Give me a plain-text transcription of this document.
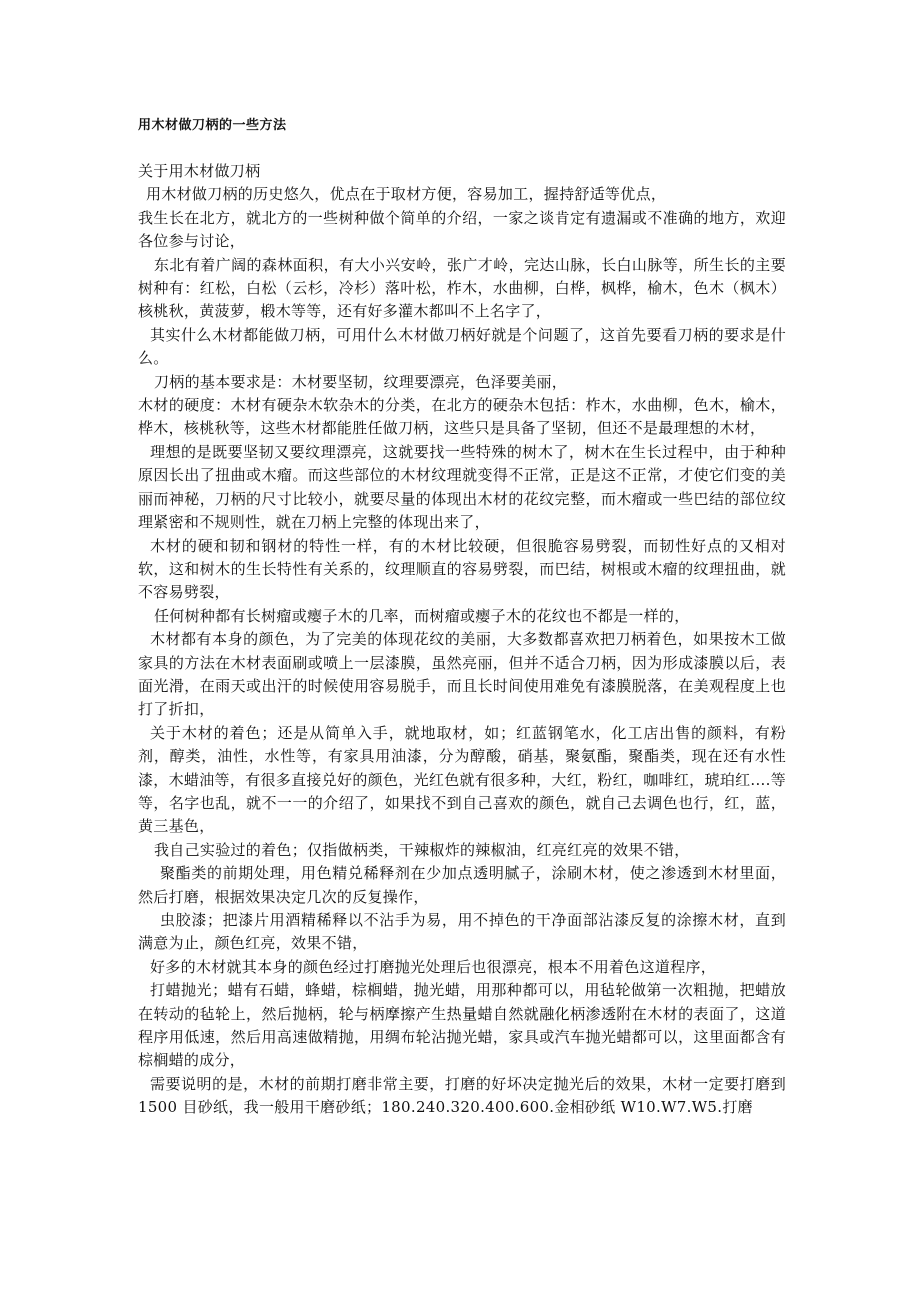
用木材做刀柄的一些方法

关于用木材做刀柄

用木材做刀柄的历史悠久，优点在于取材方便，容易加工，握持舒适等优点，

我生长在北方，就北方的一些树种做个简单的介绍，一家之谈肯定有遗漏或不准确的地方，欢迎各位参与讨论，

东北有着广阔的森林面积，有大小兴安岭，张广才岭，完达山脉，长白山脉等，所生长的主要树种有：红松，白松（云杉，冷杉）落叶松，柞木，水曲柳，白桦，枫桦，榆木，色木（枫木）核桃秋，黄菠萝，椴木等等，还有好多灌木都叫不上名字了，

其实什么木材都能做刀柄，可用什么木材做刀柄好就是个问题了，这首先要看刀柄的要求是什么。

刀柄的基本要求是：木材要坚韧，纹理要漂亮，色泽要美丽，

木材的硬度：木材有硬杂木软杂木的分类，在北方的硬杂木包括：柞木，水曲柳，色木，榆木，桦木，核桃秋等，这些木材都能胜任做刀柄，这些只是具备了坚韧，但还不是最理想的木材，

理想的是既要坚韧又要纹理漂亮，这就要找一些特殊的树木了，树木在生长过程中，由于种种原因长出了扭曲或木瘤。而这些部位的木材纹理就变得不正常，正是这不正常，才使它们变的美丽而神秘，刀柄的尺寸比较小，就要尽量的体现出木材的花纹完整，而木瘤或一些巴结的部位纹理紧密和不规则性，就在刀柄上完整的体现出来了，

木材的硬和韧和钢材的特性一样，有的木材比较硬，但很脆容易劈裂，而韧性好点的又相对软，这和树木的生长特性有关系的，纹理顺直的容易劈裂，而巴结，树根或木瘤的纹理扭曲，就不容易劈裂，

任何树种都有长树瘤或瘿子木的几率，而树瘤或瘿子木的花纹也不都是一样的，

木材都有本身的颜色，为了完美的体现花纹的美丽，大多数都喜欢把刀柄着色，如果按木工做家具的方法在木材表面刷或喷上一层漆膜，虽然亮丽，但并不适合刀柄，因为形成漆膜以后，表面光滑，在雨天或出汗的时候使用容易脱手，而且长时间使用难免有漆膜脱落，在美观程度上也打了折扣，

关于木材的着色；还是从简单入手，就地取材，如；红蓝钢笔水，化工店出售的颜料，有粉剂，醇类，油性，水性等，有家具用油漆，分为醇酸，硝基，聚氨酯，聚酯类，现在还有水性漆，木蜡油等，有很多直接兑好的颜色，光红色就有很多种，大红，粉红，咖啡红，琥珀红....等等，名字也乱，就不一一的介绍了，如果找不到自己喜欢的颜色，就自己去调色也行，红，蓝，黄三基色，

我自己实验过的着色；仅指做柄类，干辣椒炸的辣椒油，红亮红亮的效果不错，

聚酯类的前期处理，用色精兑稀释剂在少加点透明腻子，涂刷木材，使之渗透到木材里面，然后打磨，根据效果决定几次的反复操作，

虫胶漆；把漆片用酒精稀释以不沾手为易，用不掉色的干净面部沾漆反复的涂擦木材，直到满意为止，颜色红亮，效果不错，

好多的木材就其本身的颜色经过打磨抛光处理后也很漂亮，根本不用着色这道程序，

打蜡抛光；蜡有石蜡，蜂蜡，棕榈蜡，抛光蜡，用那种都可以，用毡轮做第一次粗抛，把蜡放在转动的毡轮上，然后抛柄，轮与柄摩擦产生热量蜡自然就融化柄渗透附在木材的表面了，这道程序用低速，然后用高速做精抛，用绸布轮沾抛光蜡，家具或汽车抛光蜡都可以，这里面都含有棕榈蜡的成分，

需要说明的是，木材的前期打磨非常主要，打磨的好坏决定抛光后的效果，木材一定要打磨到 1500 目砂纸，我一般用干磨砂纸；180.240.320.400.600.金相砂纸 W10.W7.W5.打磨
